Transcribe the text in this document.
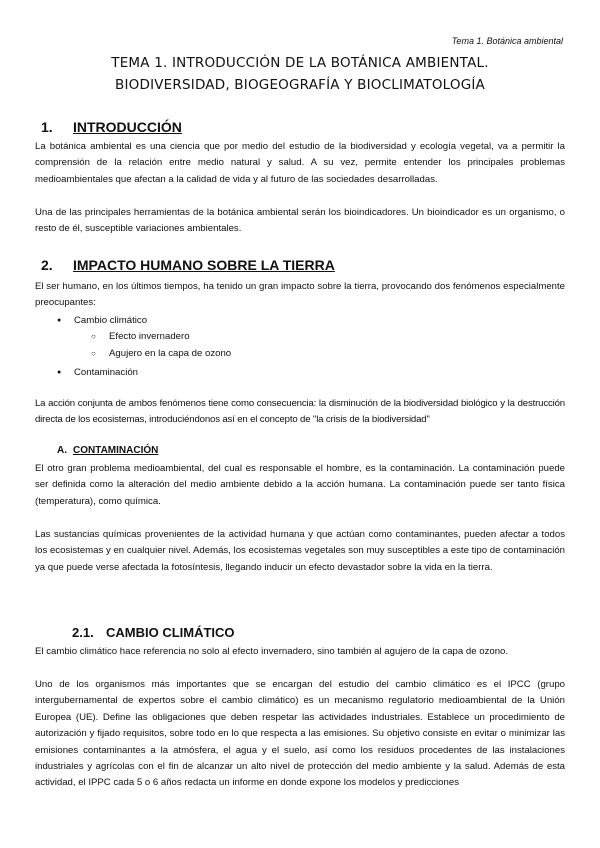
Tema 1. Botánica ambiental
TEMA 1. INTRODUCCIÓN DE LA BOTÁNICA AMBIENTAL.
BIODIVERSIDAD, BIOGEOGRAFÍA Y BIOCLIMATOLOGÍA
1. INTRODUCCIÓN

La botánica ambiental es una ciencia que por medio del estudio de la biodiversidad y ecología vegetal, va a permitir la comprensión de la relación entre medio natural y salud. A su vez, permite entender los principales problemas medioambientales que afectan a la calidad de vida y al futuro de las sociedades desarrolladas.

Una de las principales herramientas de la botánica ambiental serán los bioindicadores. Un bioindicador es un organismo, o resto de él, susceptible variaciones ambientales.

2. IMPACTO HUMANO SOBRE LA TIERRA

El ser humano, en los últimos tiempos, ha tenido un gran impacto sobre la tierra, provocando dos fenómenos especialmente preocupantes:

● Cambio climático
○ Efecto invernadero
○ Agujero en la capa de ozono
● Contaminación

La acción conjunta de ambos fenómenos tiene como consecuencia: la disminución de la biodiversidad biológico y la destrucción directa de los ecosistemas, introduciéndonos así en el concepto de "la crisis de la biodiversidad"

A. CONTAMINACIÓN

El otro gran problema medioambiental, del cual es responsable el hombre, es la contaminación. La contaminación puede ser definida como la alteración del medio ambiente debido a la acción humana. La contaminación puede ser tanto física (temperatura), como química.

Las sustancias químicas provenientes de la actividad humana y que actúan como contaminantes, pueden afectar a todos los ecosistemas y en cualquier nivel. Además, los ecosistemas vegetales son muy susceptibles a este tipo de contaminación ya que puede verse afectada la fotosíntesis, llegando inducir un efecto devastador sobre la vida en la tierra.

2.1. CAMBIO CLIMÁTICO

El cambio climático hace referencia no solo al efecto invernadero, sino también al agujero de la capa de ozono.

Uno de los organismos más importantes que se encargan del estudio del cambio climático es el IPCC (grupo intergubernamental de expertos sobre el cambio climático) es un mecanismo regulatorio medioambiental de la Unión Europea (UE). Define las obligaciones que deben respetar las actividades industriales. Establece un procedimiento de autorización y fijado requisitos, sobre todo en lo que respecta a las emisiones. Su objetivo consiste en evitar o minimizar las emisiones contaminantes a la atmósfera, el agua y el suelo, así como los residuos procedentes de las instalaciones industriales y agrícolas con el fin de alcanzar un alto nivel de protección del medio ambiente y la salud. Además de esta actividad, el IPPC cada 5 o 6 años redacta un informe en donde expone los modelos y predicciones
